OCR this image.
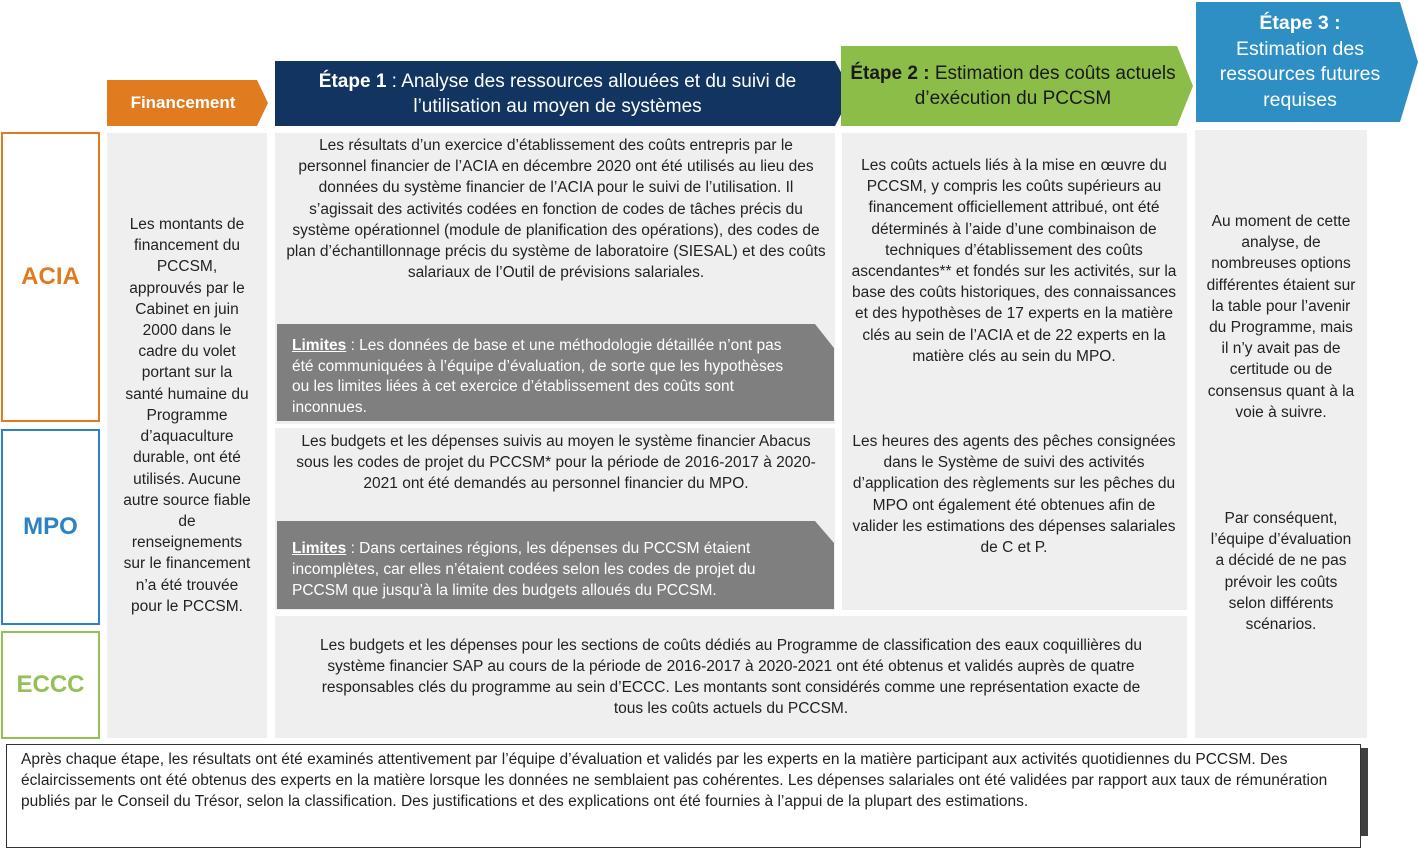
Financement
Étape 1 : Analyse des ressources allouées et du suivi de l’utilisation au moyen de systèmes
Étape 2 : Estimation des coûts actuels d’exécution du PCCSM
Étape 3 :
Estimation des ressources futures requises
ACIA
MPO
ECCC
Les montants de financement du PCCSM, approuvés par le Cabinet en juin 2000 dans le cadre du volet portant sur la santé humaine du Programme d’aquaculture durable, ont été utilisés. Aucune autre source fiable de renseignements sur le financement n’a été trouvée pour le PCCSM.
Les résultats d’un exercice d’établissement des coûts entrepris par le personnel financier de l’ACIA en décembre 2020 ont été utilisés au lieu des données du système financier de l’ACIA pour le suivi de l’utilisation. Il s’agissait des activités codées en fonction de codes de tâches précis du système opérationnel (module de planification des opérations), des codes de plan d’échantillonnage précis du système de laboratoire (SIESAL) et des coûts salariaux de l’Outil de prévisions salariales.
Limites : Les données de base et une méthodologie détaillée n’ont pas été communiquées à l’équipe d’évaluation, de sorte que les hypothèses ou les limites liées à cet exercice d’établissement des coûts sont inconnues.
Les budgets et les dépenses suivis au moyen le système financier Abacus sous les codes de projet du PCCSM* pour la période de 2016-2017 à 2020-2021 ont été demandés au personnel financier du MPO.
Limites : Dans certaines régions, les dépenses du PCCSM étaient incomplètes, car elles n’étaient codées selon les codes de projet du PCCSM que jusqu’à la limite des budgets alloués du PCCSM.
Les budgets et les dépenses pour les sections de coûts dédiés au Programme de classification des eaux coquillières du système financier SAP au cours de la période de 2016-2017 à 2020-2021 ont été obtenus et validés auprès de quatre responsables clés du programme au sein d’ECCC. Les montants sont considérés comme une représentation exacte de tous les coûts actuels du PCCSM.
Les coûts actuels liés à la mise en œuvre du PCCSM, y compris les coûts supérieurs au financement officiellement attribué, ont été déterminés à l’aide d’une combinaison de techniques d’établissement des coûts ascendantes** et fondés sur les activités, sur la base des coûts historiques, des connaissances et des hypothèses de 17 experts en la matière clés au sein de l’ACIA et de 22 experts en la matière clés au sein du MPO.
Les heures des agents des pêches consignées dans le Système de suivi des activités d’application des règlements sur les pêches du MPO ont également été obtenues afin de valider les estimations des dépenses salariales de C et P.
Au moment de cette analyse, de nombreuses options différentes étaient sur la table pour l’avenir du Programme, mais il n’y avait pas de certitude ou de consensus quant à la voie à suivre.
Par conséquent, l’équipe d’évaluation a décidé de ne pas prévoir les coûts selon différents scénarios.
Après chaque étape, les résultats ont été examinés attentivement par l’équipe d’évaluation et validés par les experts en la matière participant aux activités quotidiennes du PCCSM. Des éclaircissements ont été obtenus des experts en la matière lorsque les données ne semblaient pas cohérentes. Les dépenses salariales ont été validées par rapport aux taux de rémunération publiés par le Conseil du Trésor, selon la classification. Des justifications et des explications ont été fournies à l’appui de la plupart des estimations.
